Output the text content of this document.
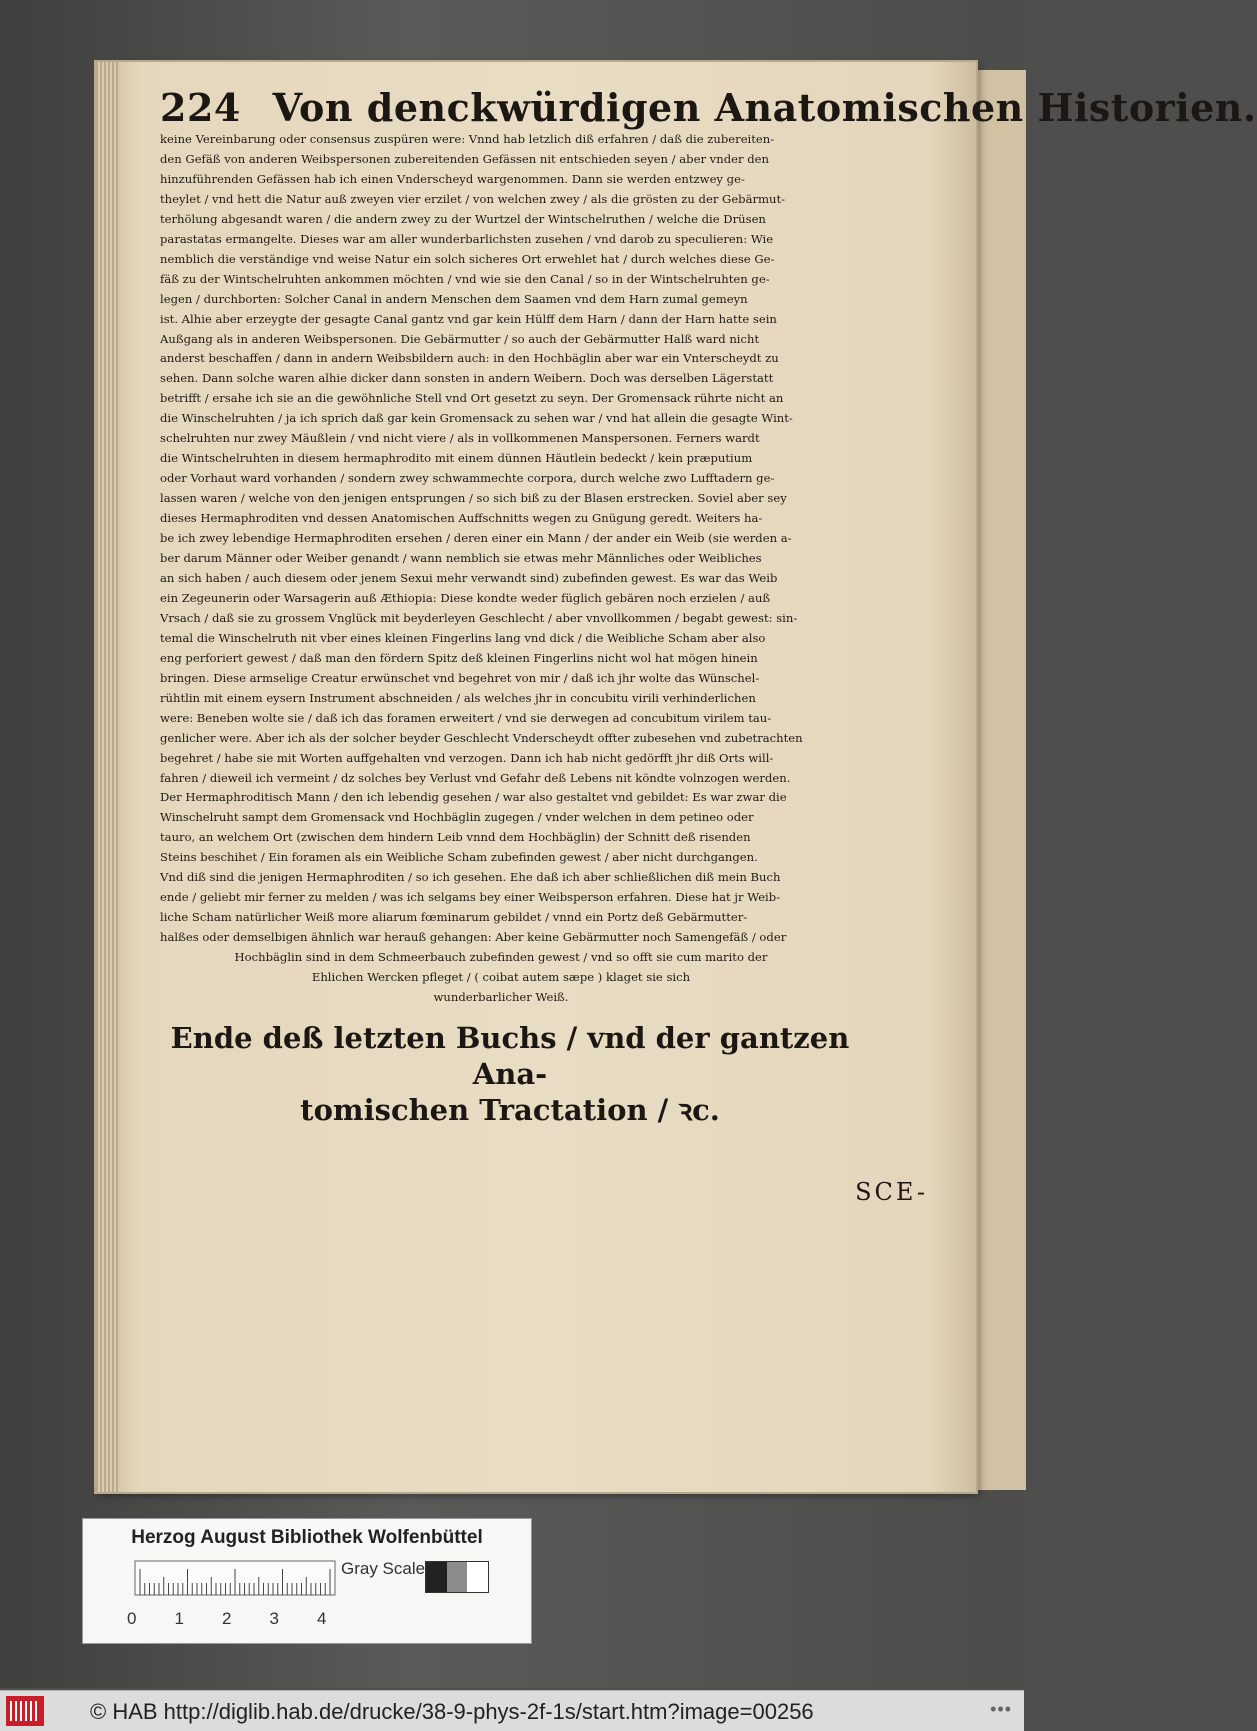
224 Von denckwürdigen Anatomischen Historien.
keine Vereinbarung oder consensus zuspüren were: Vnnd hab letzlich diß erfahren / daß die zubereiten-
den Gefäß von anderen Weibspersonen zubereitenden Gefässen nit entschieden seyen / aber vnder den
hinzuführenden Gefässen hab ich einen Vnderscheyd wargenommen. Dann sie werden entzwey ge-
theylet / vnd hett die Natur auß zweyen vier erzilet / von welchen zwey / als die grösten zu der Gebärmut-
terhölung abgesandt waren / die andern zwey zu der Wurtzel der Wintschelruthen / welche die Drüsen
parastatas ermangelte. Dieses war am aller wunderbarlichsten zusehen / vnd darob zu speculieren: Wie
nemblich die verständige vnd weise Natur ein solch sicheres Ort erwehlet hat / durch welches diese Ge-
fäß zu der Wintschelruhten ankommen möchten / vnd wie sie den Canal / so in der Wintschelruhten ge-
legen / durchborten: Solcher Canal in andern Menschen dem Saamen vnd dem Harn zumal gemeyn
ist. Alhie aber erzeygte der gesagte Canal gantz vnd gar kein Hülff dem Harn / dann der Harn hatte sein
Außgang als in anderen Weibspersonen. Die Gebärmutter / so auch der Gebärmutter Halß ward nicht
anderst beschaffen / dann in andern Weibsbildern auch: in den Hochbäglin aber war ein Vnterscheydt zu
sehen. Dann solche waren alhie dicker dann sonsten in andern Weibern. Doch was derselben Lägerstatt
betrifft / ersahe ich sie an die gewöhnliche Stell vnd Ort gesetzt zu seyn. Der Gromensack rührte nicht an
die Winschelruhten / ja ich sprich daß gar kein Gromensack zu sehen war / vnd hat allein die gesagte Wint-
schelruhten nur zwey Mäußlein / vnd nicht viere / als in vollkommenen Manspersonen. Ferners wardt
die Wintschelruhten in diesem hermaphrodito mit einem dünnen Häutlein bedeckt / kein præputium
oder Vorhaut ward vorhanden / sondern zwey schwammechte corpora, durch welche zwo Lufftadern ge-
lassen waren / welche von den jenigen entsprungen / so sich biß zu der Blasen erstrecken. Soviel aber sey
dieses Hermaphroditen vnd dessen Anatomischen Auffschnitts wegen zu Gnügung geredt. Weiters ha-
be ich zwey lebendige Hermaphroditen ersehen / deren einer ein Mann / der ander ein Weib (sie werden a-
ber darum Männer oder Weiber genandt / wann nemblich sie etwas mehr Männliches oder Weibliches
an sich haben / auch diesem oder jenem Sexui mehr verwandt sind) zubefinden gewest. Es war das Weib
ein Zegeunerin oder Warsagerin auß Æthiopia: Diese kondte weder füglich gebären noch erzielen / auß
Vrsach / daß sie zu grossem Vnglück mit beyderleyen Geschlecht / aber vnvollkommen / begabt gewest: sin-
temal die Winschelruth nit vber eines kleinen Fingerlins lang vnd dick / die Weibliche Scham aber also
eng perforiert gewest / daß man den fördern Spitz deß kleinen Fingerlins nicht wol hat mögen hinein
bringen. Diese armselige Creatur erwünschet vnd begehret von mir / daß ich jhr wolte das Wünschel-
rühtlin mit einem eysern Instrument abschneiden / als welches jhr in concubitu virili verhinderlichen
were: Beneben wolte sie / daß ich das foramen erweitert / vnd sie derwegen ad concubitum virilem tau-
genlicher were. Aber ich als der solcher beyder Geschlecht Vnderscheydt offter zubesehen vnd zubetrachten
begehret / habe sie mit Worten auffgehalten vnd verzogen. Dann ich hab nicht gedörfft jhr diß Orts will-
fahren / dieweil ich vermeint / dz solches bey Verlust vnd Gefahr deß Lebens nit köndte volnzogen werden.
Der Hermaphroditisch Mann / den ich lebendig gesehen / war also gestaltet vnd gebildet: Es war zwar die
Winschelruht sampt dem Gromensack vnd Hochbäglin zugegen / vnder welchen in dem petineo oder
tauro, an welchem Ort (zwischen dem hindern Leib vnnd dem Hochbäglin) der Schnitt deß risenden
Steins beschihet / Ein foramen als ein Weibliche Scham zubefinden gewest / aber nicht durchgangen.
Vnd diß sind die jenigen Hermaphroditen / so ich gesehen. Ehe daß ich aber schließlichen diß mein Buch
ende / geliebt mir ferner zu melden / was ich selgams bey einer Weibsperson erfahren. Diese hat jr Weib-
liche Scham natürlicher Weiß more aliarum fœminarum gebildet / vnnd ein Portz deß Gebärmutter-
halßes oder demselbigen ähnlich war herauß gehangen: Aber keine Gebärmutter noch Samengefäß / oder
Hochbäglin sind in dem Schmeerbauch zubefinden gewest / vnd so offt sie cum marito der
Ehlichen Wercken pfleget / ( coibat autem sæpe ) klaget sie sich
wunderbarlicher Weiß.
Ende deß letzten Buchs / vnd der gantzen Ana-
tomischen Tractation / ꝛc.
SCE-
Herzog August Bibliothek Wolfenbüttel
0 1 2 3 4
Gray Scale
© HAB http://diglib.hab.de/drucke/38-9-phys-2f-1s/start.htm?image=00256	•••
